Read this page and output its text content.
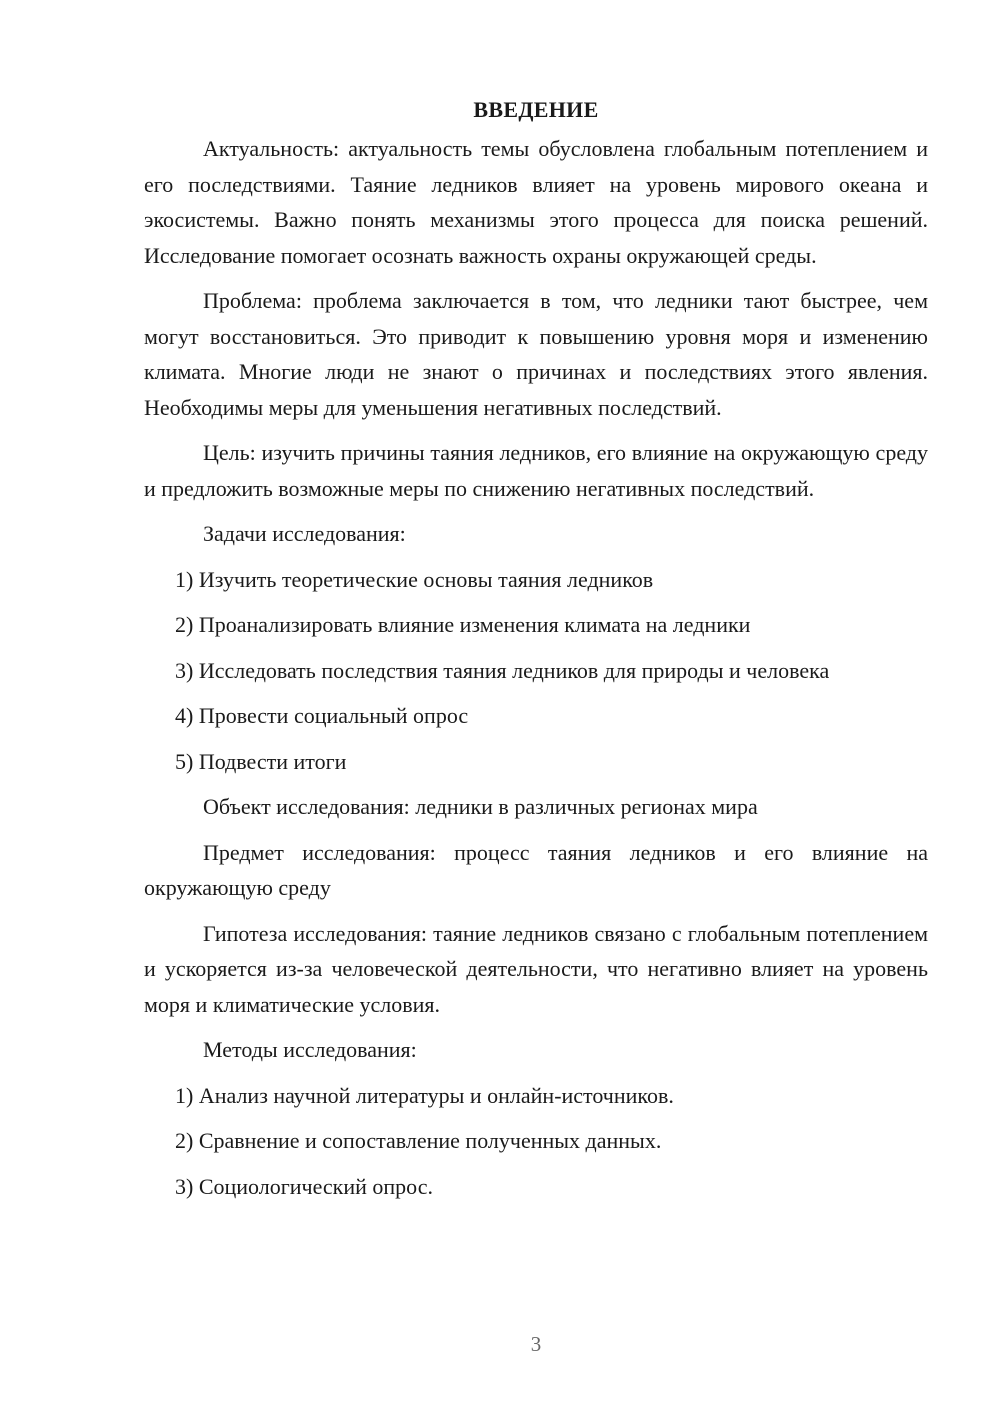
ВВЕДЕНИЕ

Актуальность: актуальность темы обусловлена глобальным потеплением и его последствиями. Таяние ледников влияет на уровень мирового океана и экосистемы. Важно понять механизмы этого процесса для поиска решений. Исследование помогает осознать важность охраны окружающей среды.

Проблема: проблема заключается в том, что ледники тают быстрее, чем могут восстановиться. Это приводит к повышению уровня моря и изменению климата. Многие люди не знают о причинах и последствиях этого явления. Необходимы меры для уменьшения негативных последствий.

Цель: изучить причины таяния ледников, его влияние на окружающую среду и предложить возможные меры по снижению негативных последствий.

Задачи исследования:

1) Изучить теоретические основы таяния ледников
2) Проанализировать влияние изменения климата на ледники
3) Исследовать последствия таяния ледников для природы и человека
4) Провести социальный опрос
5) Подвести итоги

Объект исследования: ледники в различных регионах мира

Предмет исследования: процесс таяния ледников и его влияние на окружающую среду

Гипотеза исследования: таяние ледников связано с глобальным потеплением и ускоряется из-за человеческой деятельности, что негативно влияет на уровень моря и климатические условия.

Методы исследования:

1) Анализ научной литературы и онлайн-источников.
2) Сравнение и сопоставление полученных данных.
3) Социологический опрос.
3
